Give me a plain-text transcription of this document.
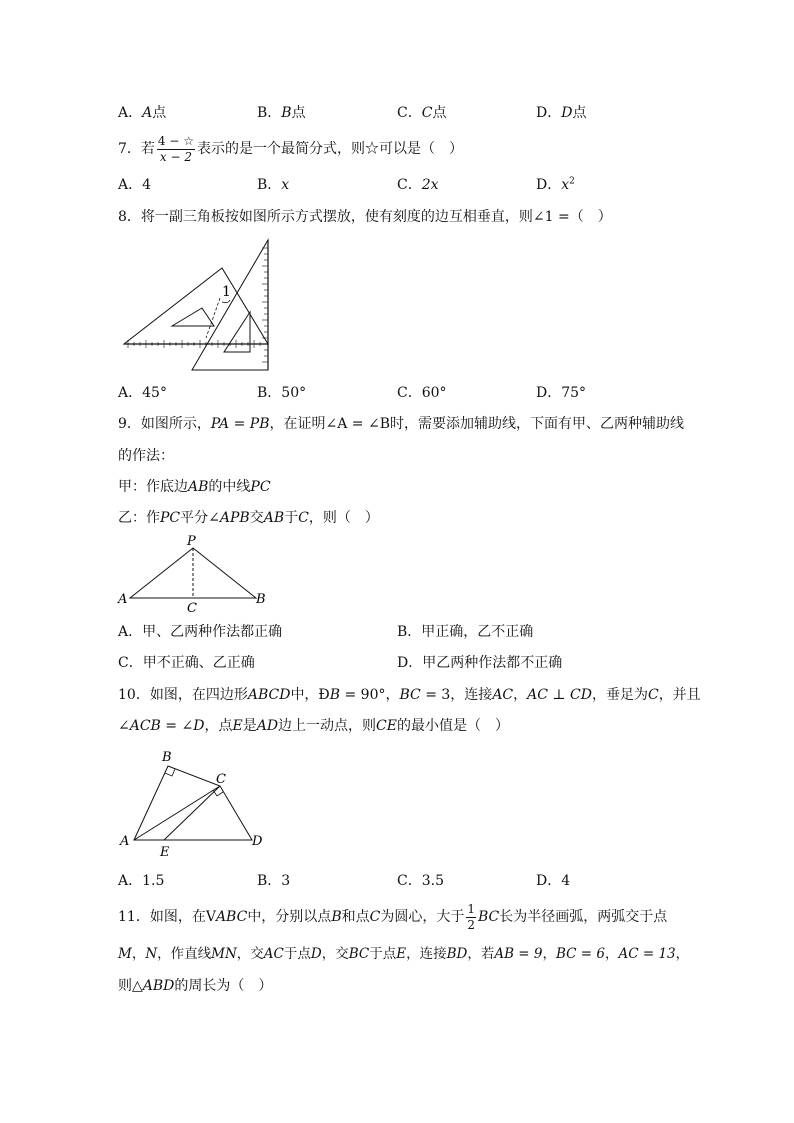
A．A点	B．B点	C．C点	D．D点
7．若 $\frac{4 - ☆}{x - 2}$ 表示的是一个最简分式，则☆可以是（　）
A．4	B．x	C．2x	D．$x^2$
8．将一副三角板按如图所示方式摆放，使有刻度的边互相垂直，则∠1 =（　）
1
A．45°	B．50°	C．60°	D．75°
9．如图所示，PA = PB，在证明∠A = ∠B时，需要添加辅助线，下面有甲、乙两种辅助线
的作法：
甲：作底边AB的中线PC
乙：作PC平分∠APB交AB于C，则（　）
P
A	B
C
A．甲、乙两种作法都正确	B．甲正确，乙不正确
C．甲不正确、乙正确	D．甲乙两种作法都不正确
10．如图，在四边形ABCD中，ÐB = 90°，BC = 3，连接AC，AC ⊥ CD，垂足为C，并且
∠ACB = ∠D，点E是AD边上一动点，则CE的最小值是（　）
A
B
C
D
E
A．1.5	B．3	C．3.5	D．4
11．如图，在VABC中，分别以点B和点C为圆心，大于 $\frac{1}{2}$ BC长为半径画弧，两弧交于点
M，N，作直线MN，交AC于点D，交BC于点E，连接BD，若AB = 9，BC = 6，AC = 13，
则△ABD的周长为（　）
